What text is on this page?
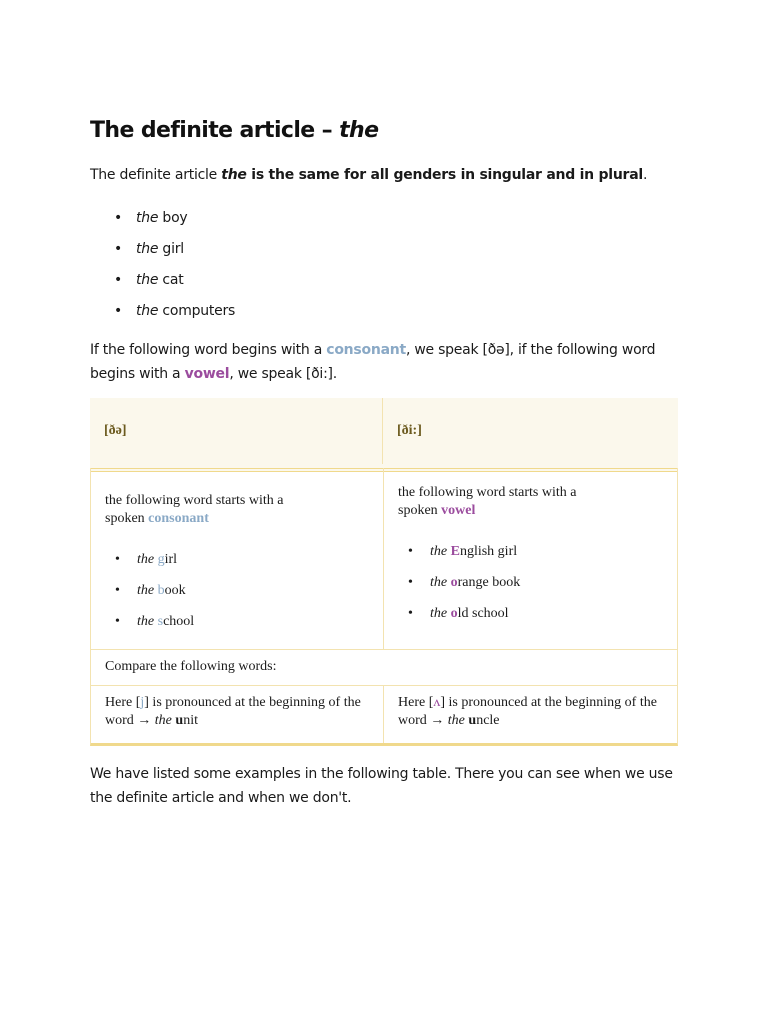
The definite article – the

The definite article the is the same for all genders in singular and in plural.

• the boy
• the girl
• the cat
• the computers

If the following word begins with a consonant, we speak [ðə], if the following word begins with a vowel, we speak [ði:].

[ðə]	[ði:]
the following word starts with a
spoken consonant
• the girl
• the book
• the school
the following word starts with a
spoken vowel
• the English girl
• the orange book
• the old school
Compare the following words:
Here [j] is pronounced at the beginning of the word → the unit
Here [ʌ] is pronounced at the beginning of the word → the uncle

We have listed some examples in the following table. There you can see when we use the definite article and when we don't.
